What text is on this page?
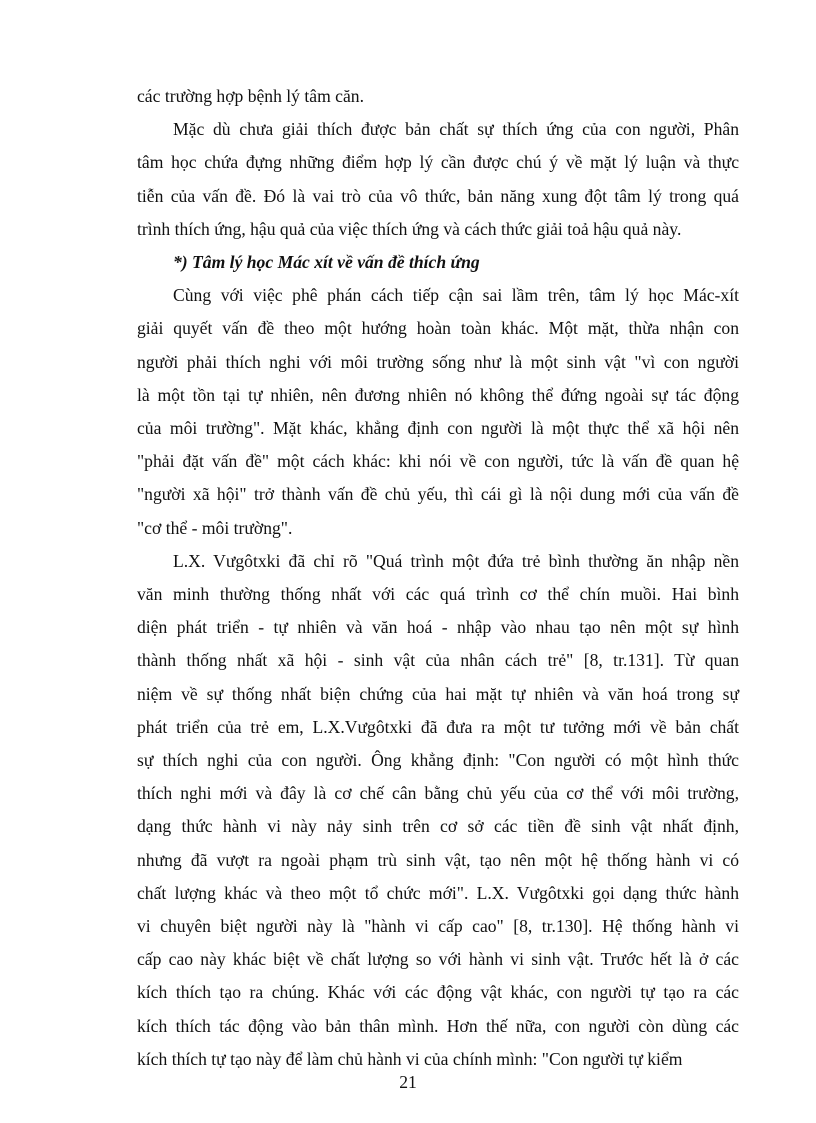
các trường hợp bệnh lý tâm căn.
Mặc dù chưa giải thích được bản chất sự thích ứng của con người, Phân
tâm học chứa đựng những điểm hợp lý cần được chú ý về mặt lý luận và thực
tiễn của vấn đề. Đó là vai trò của vô thức, bản năng xung đột tâm lý trong quá
trình thích ứng, hậu quả của việc thích ứng và cách thức giải toả hậu quả này.
*) Tâm lý học Mác xít về vấn đề thích ứng
Cùng với việc phê phán cách tiếp cận sai lầm trên, tâm lý học Mác-xít
giải quyết vấn đề theo một hướng hoàn toàn khác. Một mặt, thừa nhận con
người phải thích nghi với môi trường sống như là một sinh vật "vì con người
là một tồn tại tự nhiên, nên đương nhiên nó không thể đứng ngoài sự tác động
của môi trường". Mặt khác, khẳng định con người là một thực thể xã hội nên
"phải đặt vấn đề" một cách khác: khi nói về con người, tức là vấn đề quan hệ
"người xã hội" trở thành vấn đề chủ yếu, thì cái gì là nội dung mới của vấn đề
"cơ thể - môi trường".
L.X. Vưgôtxki đã chỉ rõ "Quá trình một đứa trẻ bình thường ăn nhập nền
văn minh thường thống nhất với các quá trình cơ thể chín muồi. Hai bình
diện phát triển - tự nhiên và văn hoá - nhập vào nhau tạo nên một sự hình
thành thống nhất xã hội - sinh vật của nhân cách trẻ" [8, tr.131]. Từ quan
niệm về sự thống nhất biện chứng của hai mặt tự nhiên và văn hoá trong sự
phát triển của trẻ em, L.X.Vưgôtxki đã đưa ra một tư tưởng mới về bản chất
sự thích nghi của con người. Ông khẳng định: "Con người có một hình thức
thích nghi mới và đây là cơ chế cân bằng chủ yếu của cơ thể với môi trường,
dạng thức hành vi này nảy sinh trên cơ sở các tiền đề sinh vật nhất định,
nhưng đã vượt ra ngoài phạm trù sinh vật, tạo nên một hệ thống hành vi có
chất lượng khác và theo một tổ chức mới". L.X. Vưgôtxki gọi dạng thức hành
vi chuyên biệt người này là "hành vi cấp cao" [8, tr.130]. Hệ thống hành vi
cấp cao này khác biệt về chất lượng so với hành vi sinh vật. Trước hết là ở các
kích thích tạo ra chúng. Khác với các động vật khác, con người tự tạo ra các
kích thích tác động vào bản thân mình. Hơn thế nữa, con người còn dùng các
kích thích tự tạo này để làm chủ hành vi của chính mình: "Con người tự kiểm
21
